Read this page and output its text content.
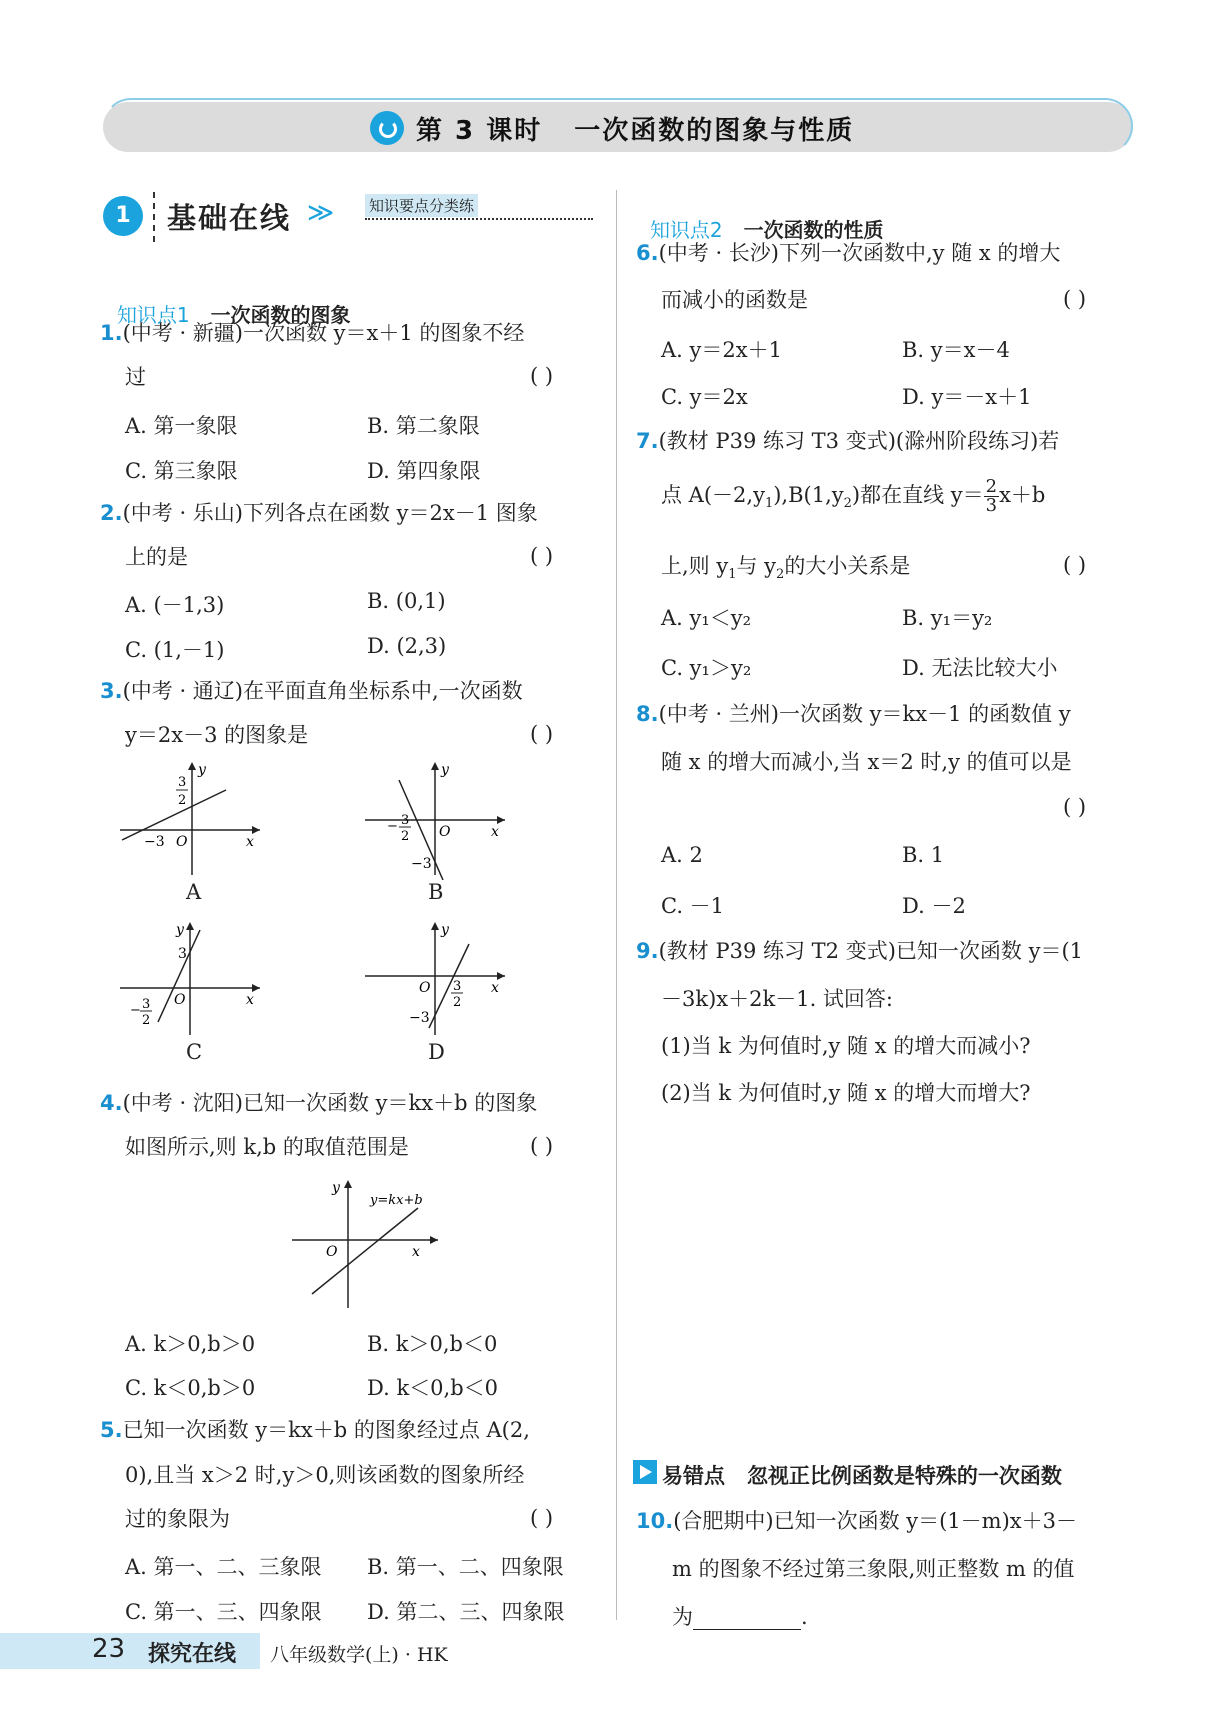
第 3 课时 一次函数的图象与性质
1	基础在线 ≫ 知识要点分类练

知识点1 一次函数的图象

1.(中考 · 新疆)一次函数 y＝x＋1 的图象不经
过	( )
A. 第一象限	B. 第二象限
C. 第三象限	D. 第四象限
2.(中考 · 乐山)下列各点在函数 y＝2x－1 图象
上的是	( )
A. (－1,3)	B. (0,1)
C. (1,－1)	D. (2,3)
3.(中考 · 通辽)在平面直角坐标系中,一次函数
y＝2x－3 的图象是	( )
y
x
O
−3
3
2
A
y
x
O
− 3
2
−3
B
y
x
O
3
− 3
2
C
y
x
O 3
2
−3
D
4.(中考 · 沈阳)已知一次函数 y＝kx＋b 的图象
如图所示,则 k,b 的取值范围是	( )
y
x
O
y=kx+b
A. k＞0,b＞0	B. k＞0,b＜0
C. k＜0,b＞0	D. k＜0,b＜0
5.已知一次函数 y＝kx＋b 的图象经过点 A(2,
0),且当 x＞2 时,y＞0,则该函数的图象所经
过的象限为	( )
A. 第一、二、三象限 B. 第一、二、四象限
C. 第一、三、四象限 D. 第二、三、四象限

知识点2 一次函数的性质

6.(中考 · 长沙)下列一次函数中,y 随 x 的增大
而减小的函数是	( )
A. y＝2x＋1	B. y＝x－4
C. y＝2x	D. y＝－x＋1
7.(教材 P39 练习 T3 变式)(滁州阶段练习)若
点 $A(-2,y_1),B(1,y_2)$都在直线 $y= \frac{2}{3} x+b$
上,则 $y_1$与 $y_2$的大小关系是	( )
A. y₁＜y₂	B. y₁＝y₂
C. y₁＞y₂	D. 无法比较大小
8.(中考 · 兰州)一次函数 y＝kx－1 的函数值 y
随 x 的增大而减小,当 x＝2 时,y 的值可以是
( )
A. 2	B. 1
C. －1	D. －2
9.(教材 P39 练习 T2 变式)已知一次函数 y＝(1
－3k)x＋2k－1. 试回答:
(1)当 k 为何值时,y 随 x 的增大而减小?
(2)当 k 为何值时,y 随 x 的增大而增大?
易错点 忽视正比例函数是特殊的一次函数
10.(合肥期中)已知一次函数 y＝(1－m)x＋3－
m 的图象不经过第三象限,则正整数 m 的值
为	.
23 探究在线 八年级数学(上) · HK
